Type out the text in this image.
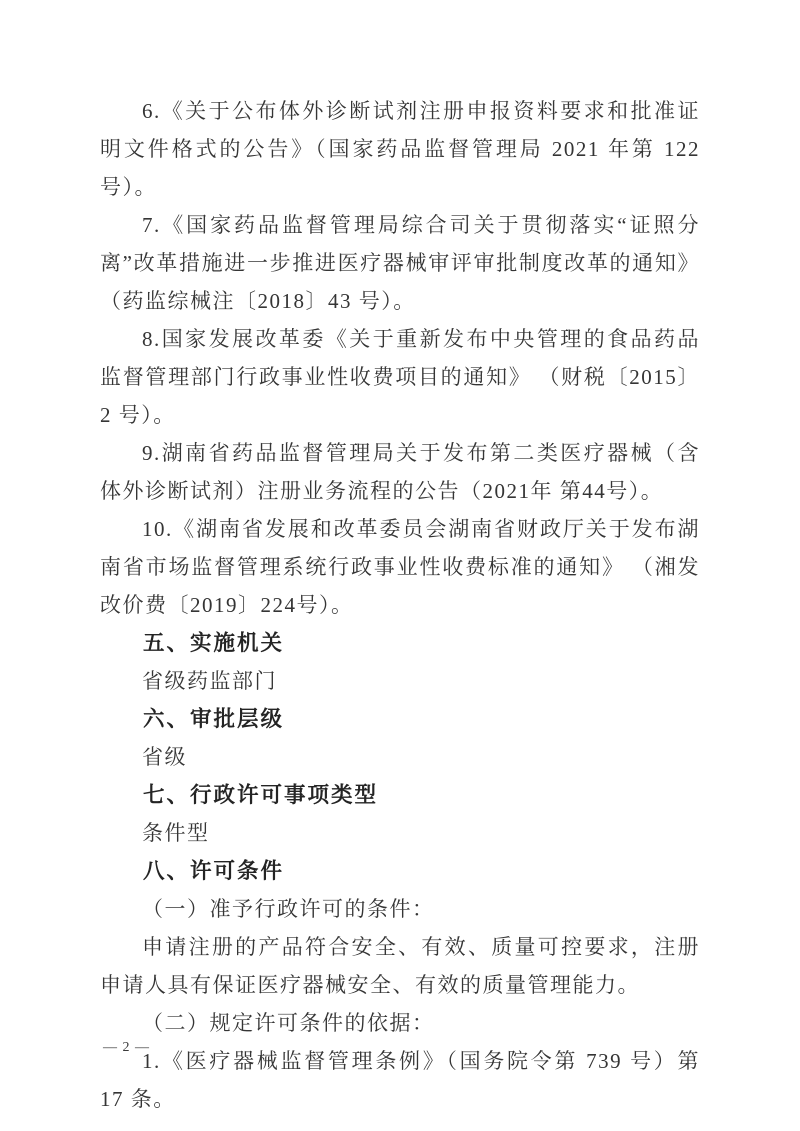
6.《关于公布体外诊断试剂注册申报资料要求和批准证明文件格式的公告》（国家药品监督管理局 2021 年第 122 号）。

7.《国家药品监督管理局综合司关于贯彻落实“证照分离”改革措施进一步推进医疗器械审评审批制度改革的通知》（药监综械注〔2018〕43 号）。

8.国家发展改革委《关于重新发布中央管理的食品药品监督管理部门行政事业性收费项目的通知》 （财税〔2015〕2 号）。

9.湖南省药品监督管理局关于发布第二类医疗器械（含体外诊断试剂）注册业务流程的公告（2021年 第44号）。

10.《湖南省发展和改革委员会湖南省财政厅关于发布湖南省市场监督管理系统行政事业性收费标准的通知》 （湘发改价费〔2019〕224号）。

五、实施机关

省级药监部门

六、审批层级

省级

七、行政许可事项类型

条件型

八、许可条件

（一）准予行政许可的条件：

申请注册的产品符合安全、有效、质量可控要求，注册申请人具有保证医疗器械安全、有效的质量管理能力。

（二）规定许可条件的依据：

1.《医疗器械监督管理条例》（国务院令第 739 号）第 17 条。

— 2 —
